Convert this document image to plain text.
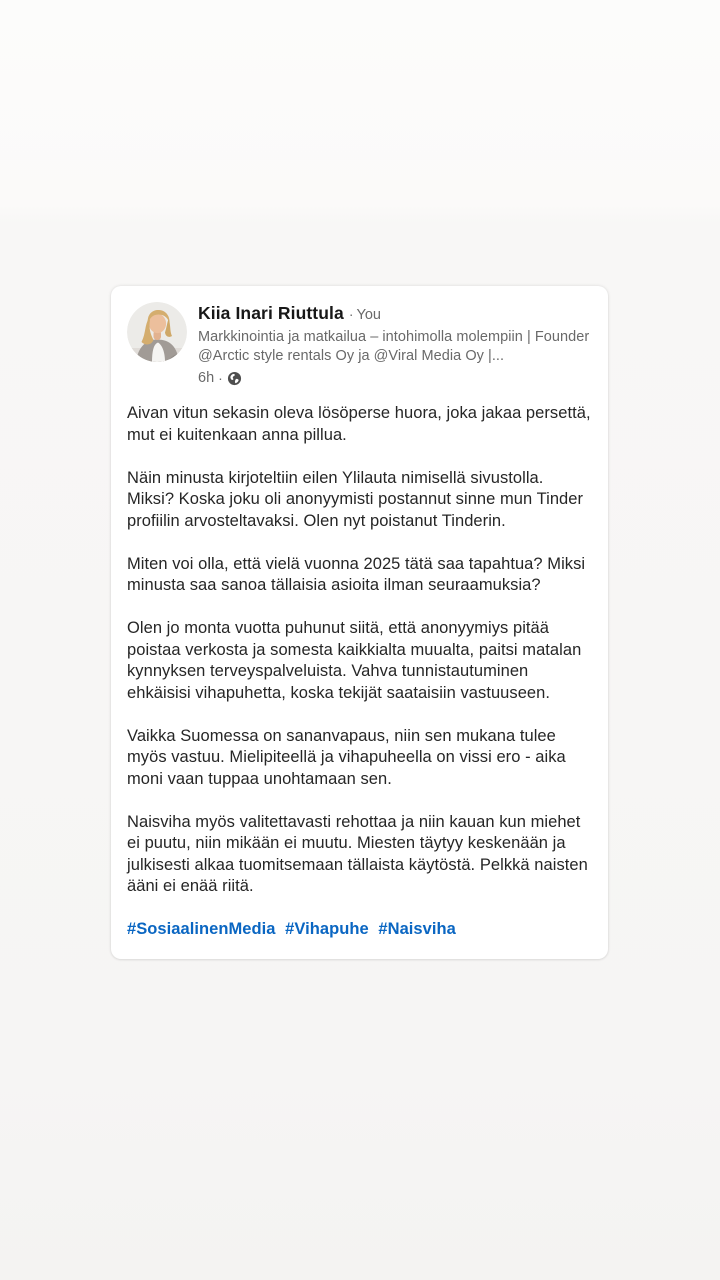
Kiia Inari Riuttula · You
Markkinointia ja matkailua – intohimolla molempiin | Founder @Arctic style rentals Oy ja @Viral Media Oy |...
6h ·

Aivan vitun sekasin oleva lösöperse huora, joka jakaa persettä, mut ei kuitenkaan anna pillua.

Näin minusta kirjoteltiin eilen Ylilauta nimisellä sivustolla. Miksi? Koska joku oli anonyymisti postannut sinne mun Tinder profiilin arvosteltavaksi. Olen nyt poistanut Tinderin.

Miten voi olla, että vielä vuonna 2025 tätä saa tapahtua? Miksi minusta saa sanoa tällaisia asioita ilman seuraamuksia?

Olen jo monta vuotta puhunut siitä, että anonyymiys pitää poistaa verkosta ja somesta kaikkialta muualta, paitsi matalan kynnyksen terveyspalveluista. Vahva tunnistautuminen ehkäisisi vihapuhetta, koska tekijät saataisiin vastuuseen.

Vaikka Suomessa on sananvapaus, niin sen mukana tulee myös vastuu. Mielipiteellä ja vihapuheella on vissi ero - aika moni vaan tuppaa unohtamaan sen.

Naisviha myös valitettavasti rehottaa ja niin kauan kun miehet ei puutu, niin mikään ei muutu. Miesten täytyy keskenään ja julkisesti alkaa tuomitsemaan tällaista käytöstä. Pelkkä naisten ääni ei enää riitä.

#SosiaalinenMedia #Vihapuhe #Naisviha
